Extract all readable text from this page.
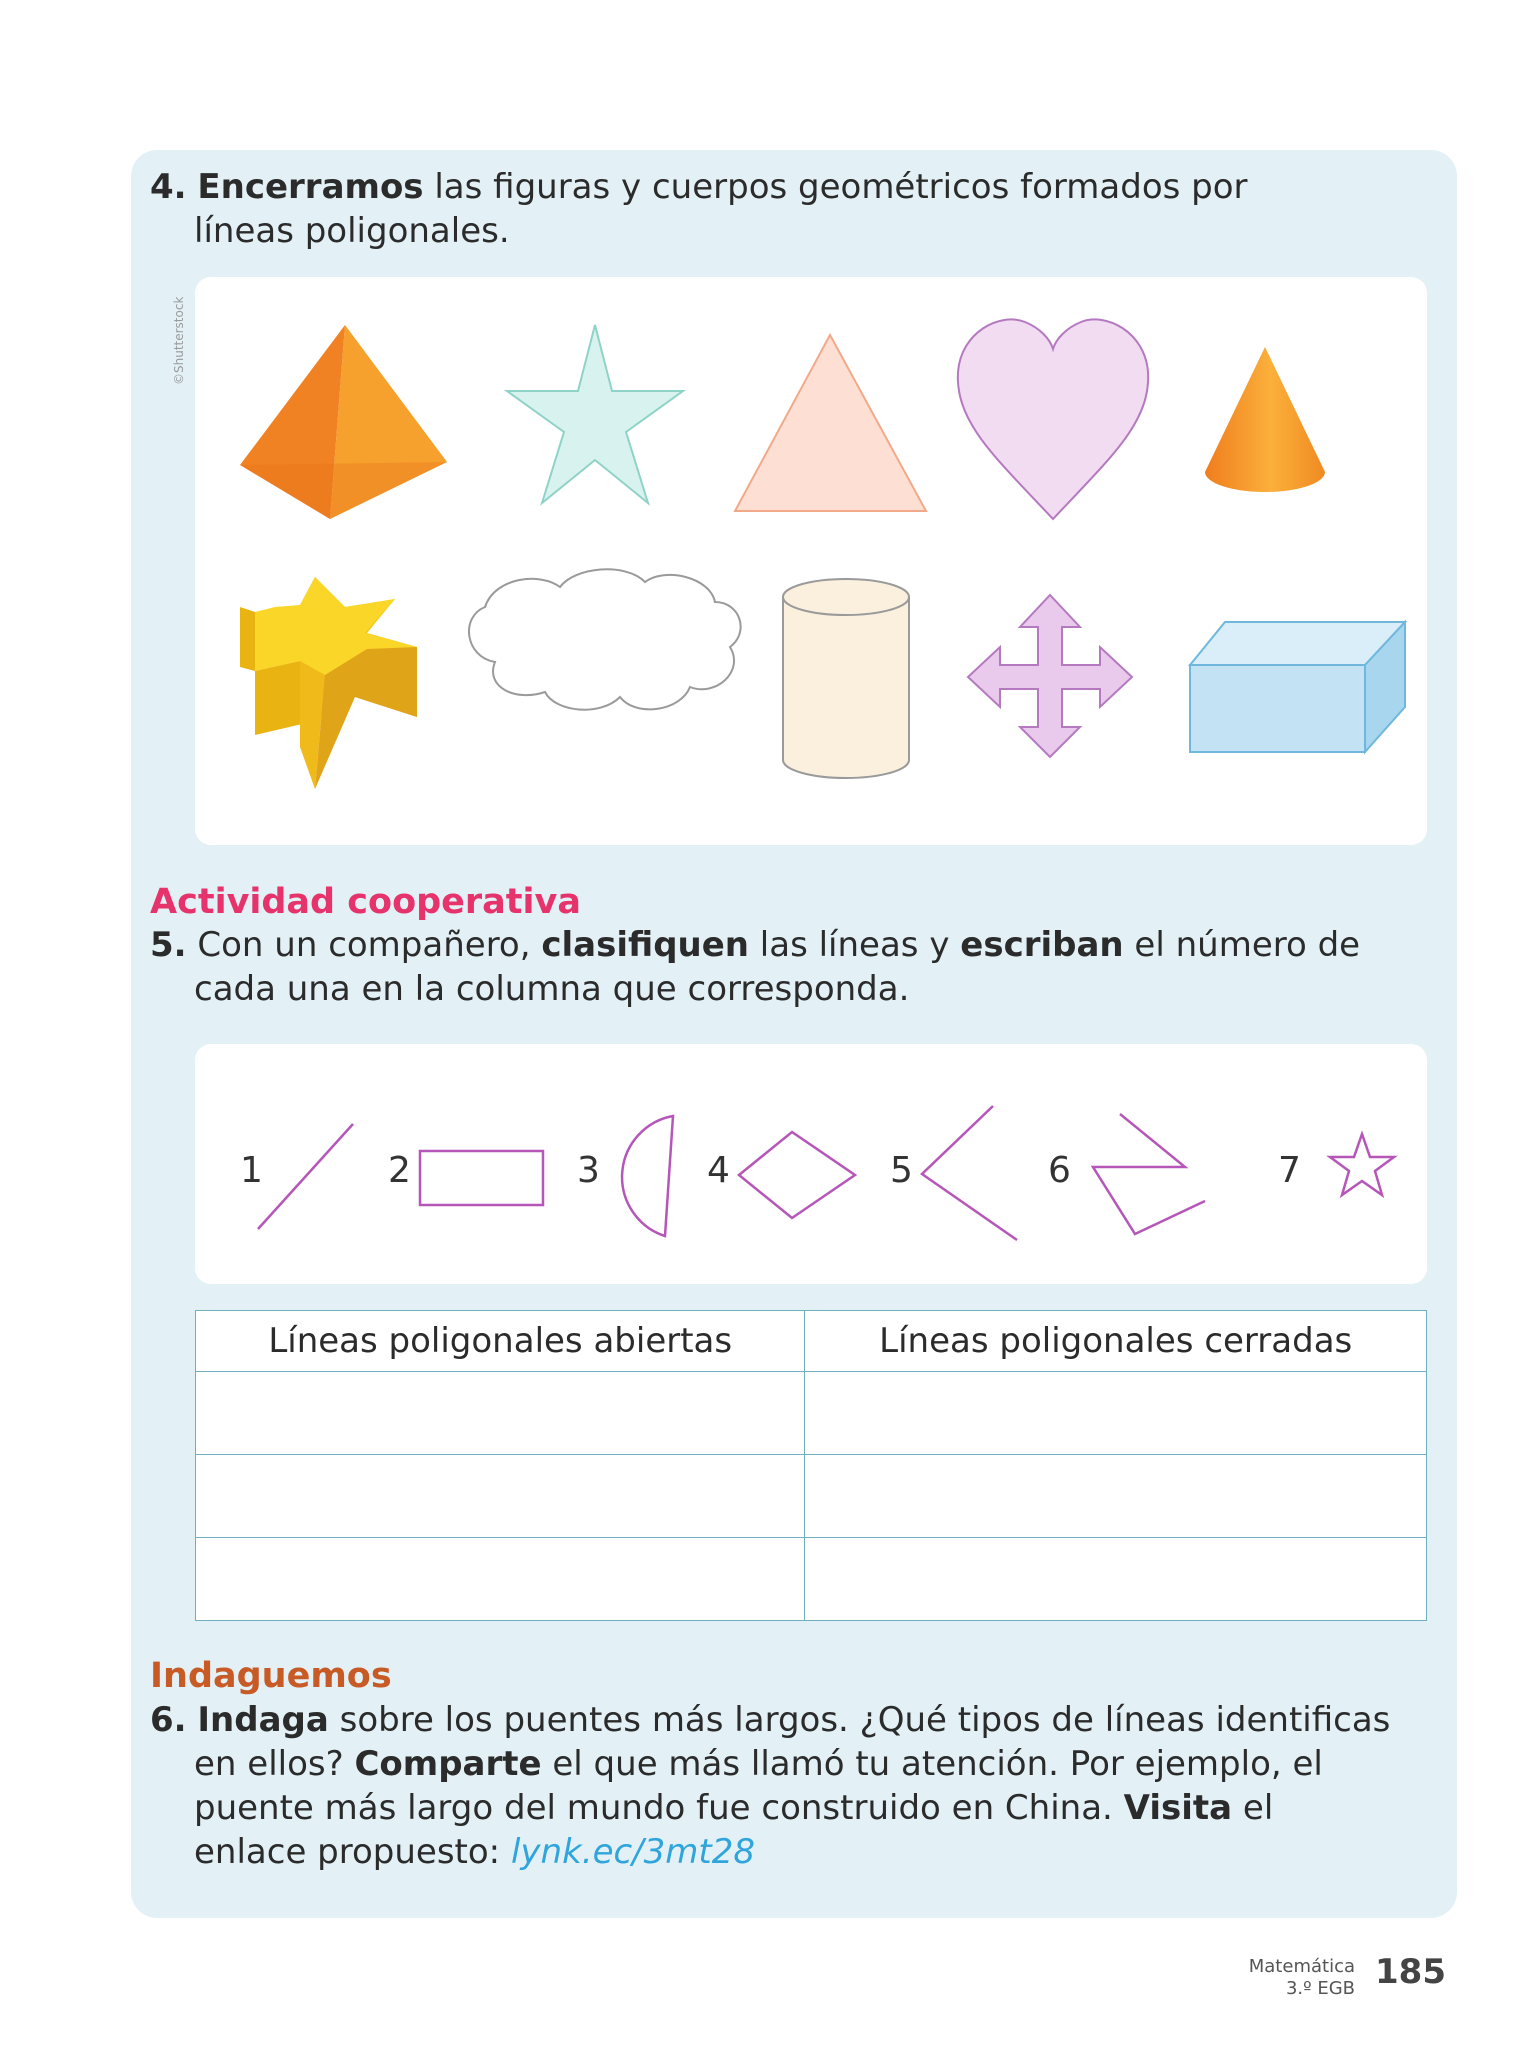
4. Encerramos las figuras y cuerpos geométricos formados por
líneas poligonales.
©Shutterstock
Actividad cooperativa
5. Con un compañero, clasifiquen las líneas y escriban el número de
cada una en la columna que corresponda.
1	2	3	4	5	6	7
Líneas poligonales abiertas	Líneas poligonales cerradas

Indaguemos
6. Indaga sobre los puentes más largos. ¿Qué tipos de líneas identificas
en ellos? Comparte el que más llamó tu atención. Por ejemplo, el
puente más largo del mundo fue construido en China. Visita el
enlace propuesto: lynk.ec/3mt28
Matemática
3.º EGB 185
